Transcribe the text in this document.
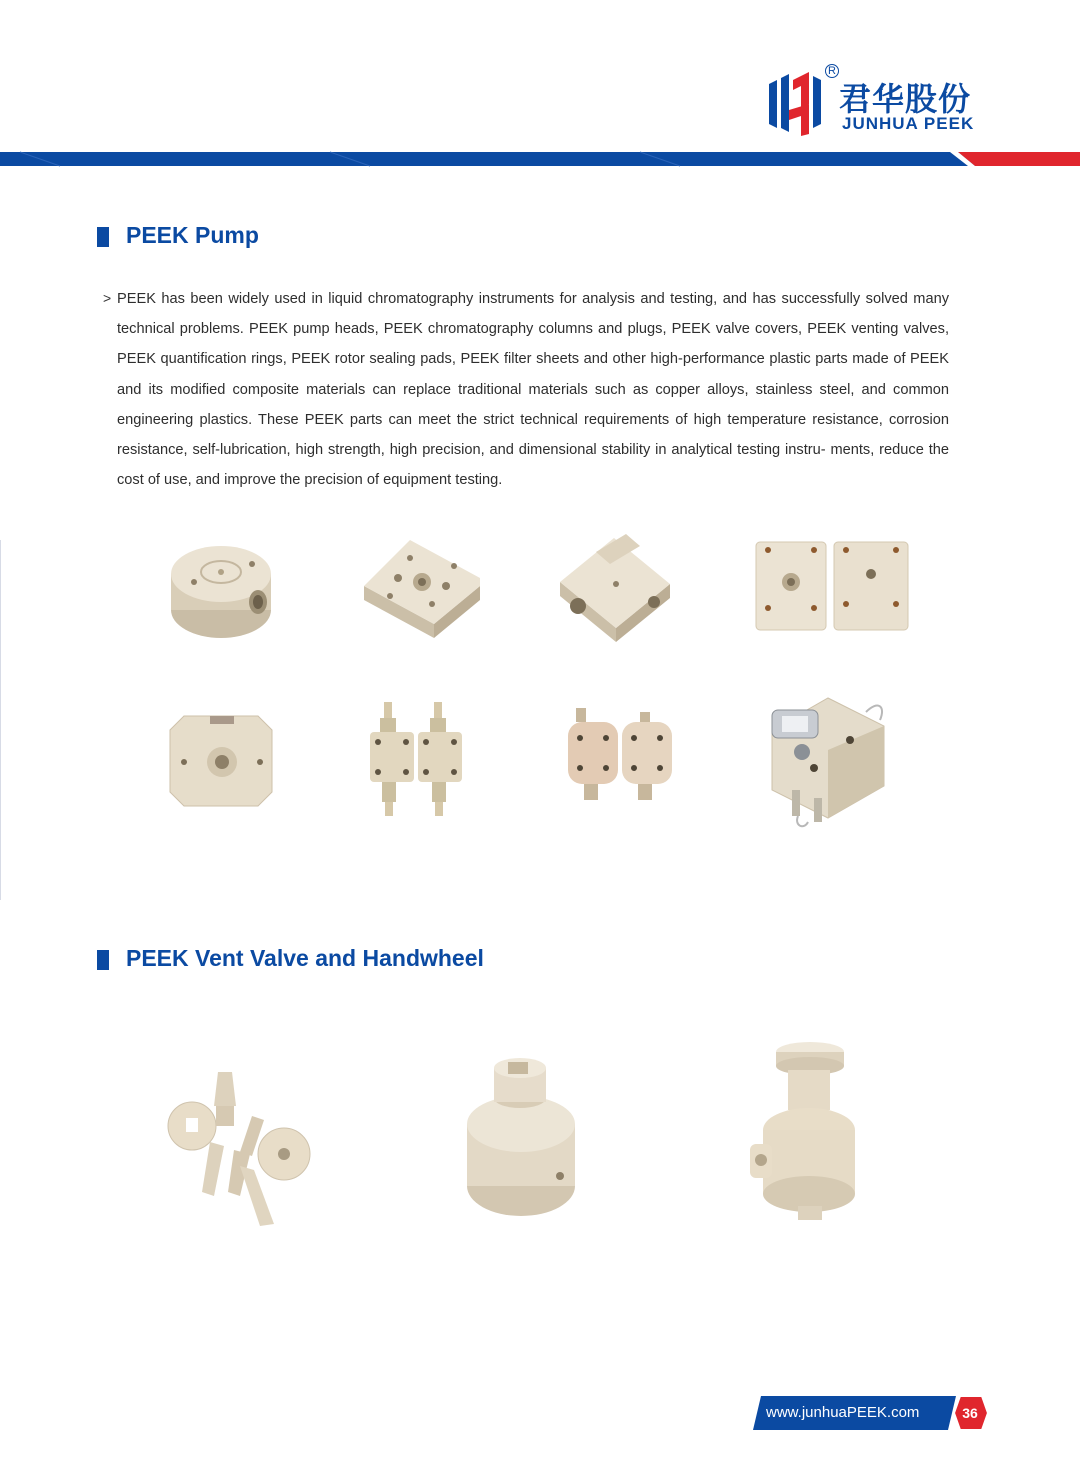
R
君华股份
JUNHUA PEEK
PEEK Pump
> PEEK has been widely used in liquid chromatography instruments for analysis and testing, and has successfully solved many technical problems. PEEK pump heads, PEEK chromatography columns and plugs, PEEK valve covers, PEEK venting valves, PEEK quantification rings, PEEK rotor sealing pads, PEEK filter sheets and other high-performance plastic parts made of PEEK and its modified composite materials can replace traditional materials such as copper alloys, stainless steel, and common engineering plastics. These PEEK parts can meet the strict technical requirements of high temperature resistance, corrosion resistance, self-lubrication, high strength, high precision, and dimensional stability in analytical testing instru- ments, reduce the cost of use, and improve the precision of equipment testing.
PEEK Vent Valve and Handwheel
www.junhuaPEEK.com	36
